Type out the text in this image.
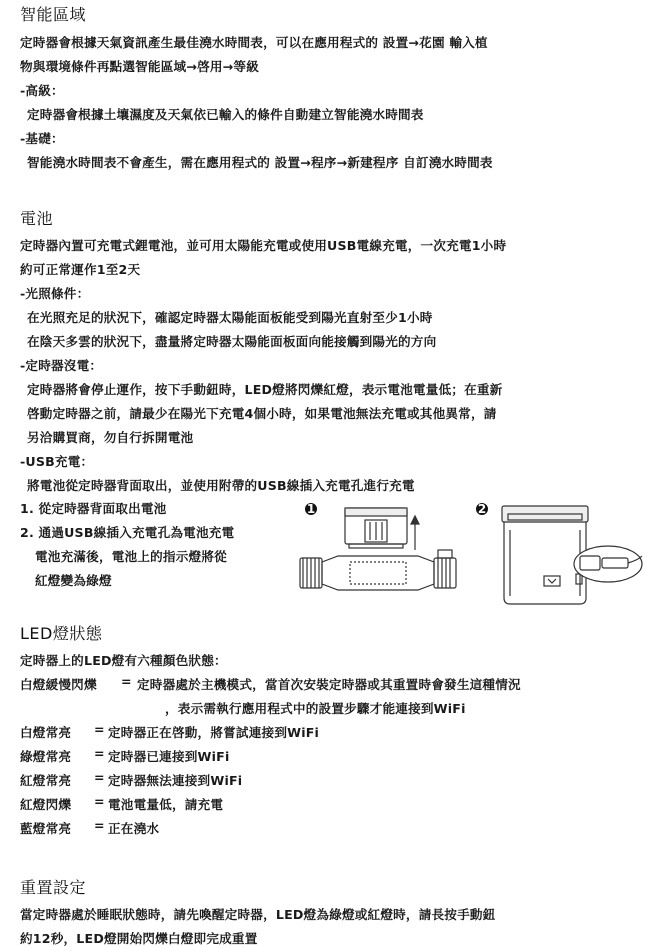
智能區域
定時器會根據天氣資訊產生最佳澆水時間表，可以在應用程式的 設置→花園 輸入植
物與環境條件再點選智能區域→啓用→等級
-高級：
定時器會根據土壤濕度及天氣依已輸入的條件自動建立智能澆水時間表
-基礎：
智能澆水時間表不會產生，需在應用程式的 設置→程序→新建程序 自訂澆水時間表
電池
定時器內置可充電式鋰電池，並可用太陽能充電或使用USB電線充電，一次充電1小時
約可正常運作1至2天
-光照條件：
在光照充足的狀況下，確認定時器太陽能面板能受到陽光直射至少1小時
在陰天多雲的狀況下，盡量將定時器太陽能面板面向能接觸到陽光的方向
-定時器沒電：
定時器將會停止運作，按下手動鈕時，LED燈將閃爍紅燈，表示電池電量低；在重新
啓動定時器之前，請最少在陽光下充電4個小時，如果電池無法充電或其他異常，請
另洽購買商，勿自行拆開電池
-USB充電：
將電池從定時器背面取出，並使用附帶的USB線插入充電孔進行充電
1. 從定時器背面取出電池
2. 通過USB線插入充電孔為電池充電
電池充滿後，電池上的指示燈將從
紅燈變為綠燈
1	2
LED燈狀態
定時器上的LED燈有六種顏色狀態：
白燈緩慢閃爍 = 定時器處於主機模式，當首次安裝定時器或其重置時會發生這種情況
，表示需執行應用程式中的設置步驟才能連接到WiFi
白燈常亮 = 定時器正在啓動，將嘗試連接到WiFi
綠燈常亮 = 定時器已連接到WiFi
紅燈常亮 = 定時器無法連接到WiFi
紅燈閃爍 = 電池電量低，請充電
藍燈常亮 = 正在澆水
重置設定
當定時器處於睡眠狀態時，請先喚醒定時器，LED燈為綠燈或紅燈時，請長按手動鈕
約12秒，LED燈開始閃爍白燈即完成重置
